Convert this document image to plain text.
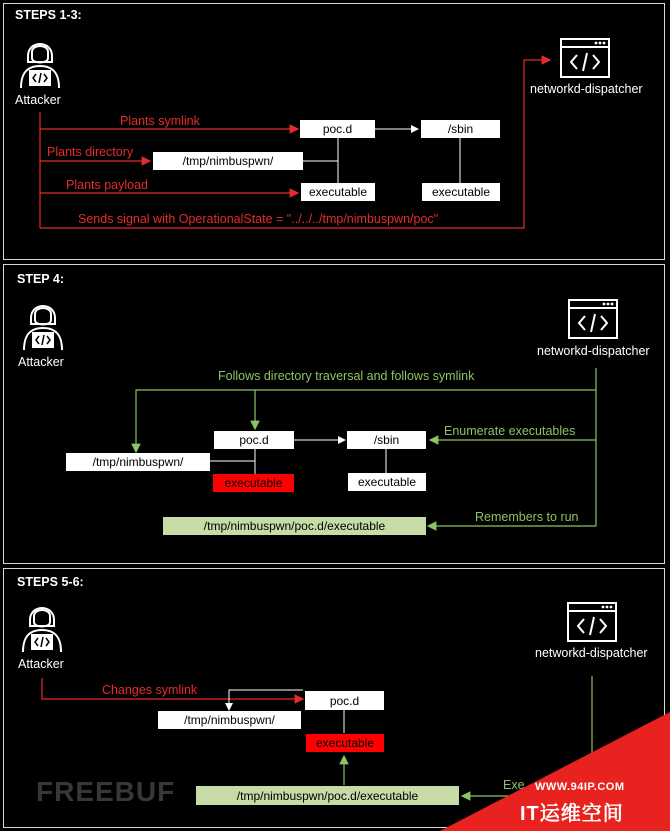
STEPS 1-3:
STEP 4:
STEPS 5-6:
Attacker
networkd-dispatcher
Attacker
networkd-dispatcher
Attacker
networkd-dispatcher
poc.d	/sbin
/tmp/nimbuspwn/
executable	executable
Plants symlink
Plants directory
Plants payload
Sends signal with OperationalState = "../../../tmp/nimbuspwn/poc"
poc.d	/sbin
/tmp/nimbuspwn/
executable	executable
/tmp/nimbuspwn/poc.d/executable
Follows directory traversal and follows symlink
Enumerate executables
Remembers to run
poc.d
/tmp/nimbuspwn/
executable
/tmp/nimbuspwn/poc.d/executable
Changes symlink
Exe
FREEBUF	WWW.94IP.COM
IT运维空间
